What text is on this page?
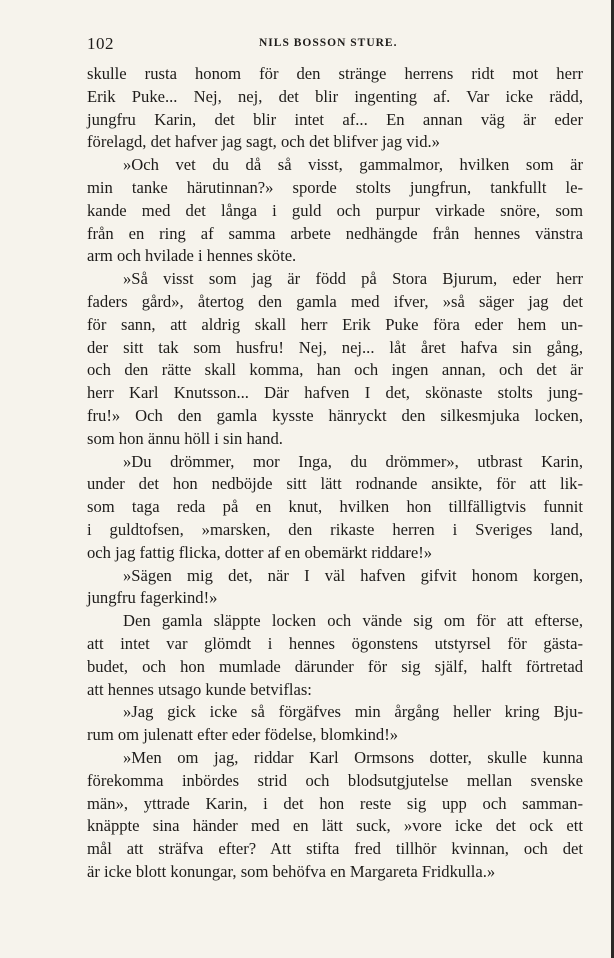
102	NILS BOSSON STURE.
skulle rusta honom för den stränge herrens ridt mot herr
Erik Puke... Nej, nej, det blir ingenting af. Var icke rädd,
jungfru Karin, det blir intet af... En annan väg är eder
förelagd, det hafver jag sagt, och det blifver jag vid.»
»Och vet du då så visst, gammalmor, hvilken som är
min tanke härutinnan?» sporde stolts jungfrun, tankfullt le-
kande med det långa i guld och purpur virkade snöre, som
från en ring af samma arbete nedhängde från hennes vänstra
arm och hvilade i hennes sköte.
»Så visst som jag är född på Stora Bjurum, eder herr
faders gård», återtog den gamla med ifver, »så säger jag det
för sann, att aldrig skall herr Erik Puke föra eder hem un-
der sitt tak som husfru! Nej, nej... låt året hafva sin gång,
och den rätte skall komma, han och ingen annan, och det är
herr Karl Knutsson... Där hafven I det, skönaste stolts jung-
fru!» Och den gamla kysste hänryckt den silkesmjuka locken,
som hon ännu höll i sin hand.
»Du drömmer, mor Inga, du drömmer», utbrast Karin,
under det hon nedböjde sitt lätt rodnande ansikte, för att lik-
som taga reda på en knut, hvilken hon tillfälligtvis funnit
i guldtofsen, »marsken, den rikaste herren i Sveriges land,
och jag fattig flicka, dotter af en obemärkt riddare!»
»Sägen mig det, när I väl hafven gifvit honom korgen,
jungfru fagerkind!»
Den gamla släppte locken och vände sig om för att efterse,
att intet var glömdt i hennes ögonstens utstyrsel för gästa-
budet, och hon mumlade därunder för sig själf, halft förtretad
att hennes utsago kunde betviflas:
»Jag gick icke så förgäfves min årgång heller kring Bju-
rum om julenatt efter eder födelse, blomkind!»
»Men om jag, riddar Karl Ormsons dotter, skulle kunna
förekomma inbördes strid och blodsutgjutelse mellan svenske
män», yttrade Karin, i det hon reste sig upp och samman-
knäppte sina händer med en lätt suck, »vore icke det ock ett
mål att sträfva efter? Att stifta fred tillhör kvinnan, och det
är icke blott konungar, som behöfva en Margareta Fridkulla.»
